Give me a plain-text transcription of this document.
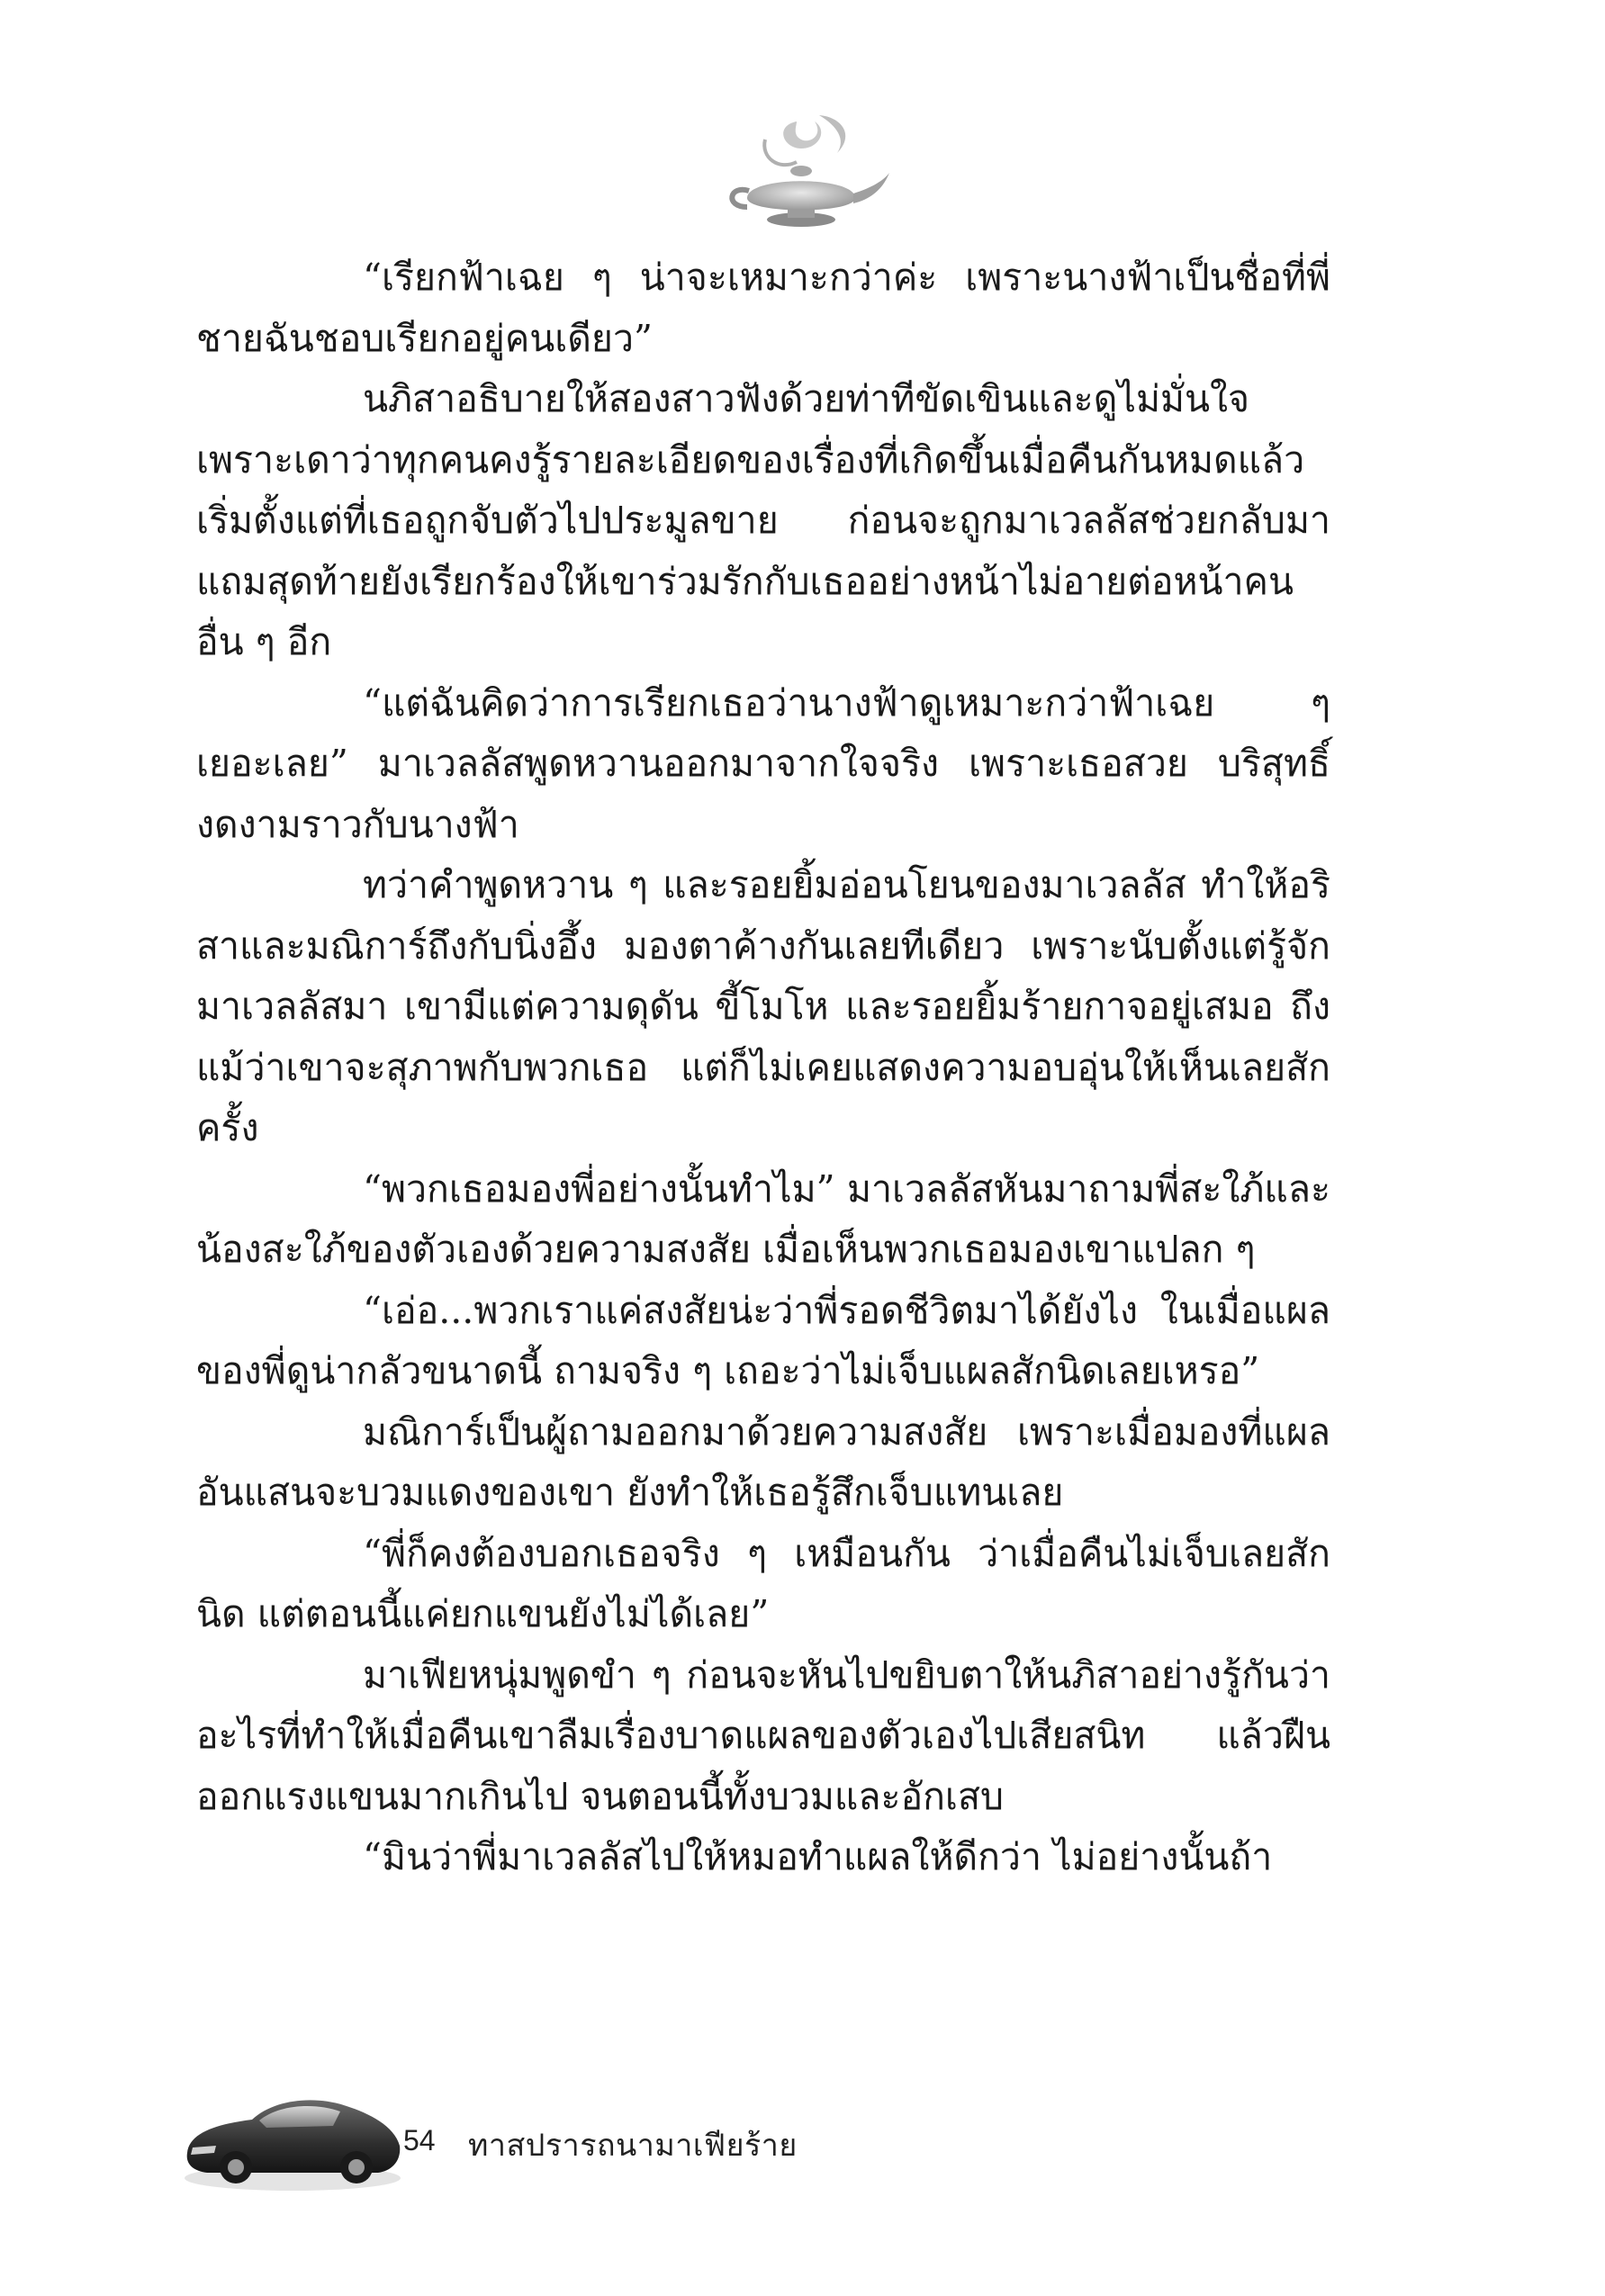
“เรียกฟ้าเฉย ๆ น่าจะเหมาะกว่าค่ะ เพราะนางฟ้าเป็นชื่อที่พี่ชายฉันชอบเรียกอยู่คนเดียว”

นภิสาอธิบายให้สองสาวฟังด้วยท่าทีขัดเขินและดูไม่มั่นใจ เพราะเดาว่าทุกคนคงรู้รายละเอียดของเรื่องที่เกิดขึ้นเมื่อคืนกันหมดแล้ว เริ่มตั้งแต่ที่เธอถูกจับตัวไปประมูลขาย ก่อนจะถูกมาเวลลัสช่วยกลับมา แถมสุดท้ายยังเรียกร้องให้เขาร่วมรักกับเธออย่างหน้าไม่อายต่อหน้าคนอื่น ๆ อีก

“แต่ฉันคิดว่าการเรียกเธอว่านางฟ้าดูเหมาะกว่าฟ้าเฉย ๆ เยอะเลย” มาเวลลัสพูดหวานออกมาจากใจจริง เพราะเธอสวย บริสุทธิ์งดงามราวกับนางฟ้า

ทว่าคำพูดหวาน ๆ และรอยยิ้มอ่อนโยนของมาเวลลัส ทำให้อริสาและมณิการ์ถึงกับนิ่งอึ้ง มองตาค้างกันเลยทีเดียว เพราะนับตั้งแต่รู้จักมาเวลลัสมา เขามีแต่ความดุดัน ขี้โมโห และรอยยิ้มร้ายกาจอยู่เสมอ ถึงแม้ว่าเขาจะสุภาพกับพวกเธอ แต่ก็ไม่เคยแสดงความอบอุ่นให้เห็นเลยสักครั้ง

“พวกเธอมองพี่อย่างนั้นทำไม” มาเวลลัสหันมาถามพี่สะใภ้และน้องสะใภ้ของตัวเองด้วยความสงสัย เมื่อเห็นพวกเธอมองเขาแปลก ๆ

“เอ่อ...พวกเราแค่สงสัยน่ะว่าพี่รอดชีวิตมาได้ยังไง ในเมื่อแผลของพี่ดูน่ากลัวขนาดนี้ ถามจริง ๆ เถอะว่าไม่เจ็บแผลสักนิดเลยเหรอ”

มณิการ์เป็นผู้ถามออกมาด้วยความสงสัย เพราะเมื่อมองที่แผลอันแสนจะบวมแดงของเขา ยังทำให้เธอรู้สึกเจ็บแทนเลย

“พี่ก็คงต้องบอกเธอจริง ๆ เหมือนกัน ว่าเมื่อคืนไม่เจ็บเลยสักนิด แต่ตอนนี้แค่ยกแขนยังไม่ได้เลย”

มาเฟียหนุ่มพูดขำ ๆ ก่อนจะหันไปขยิบตาให้นภิสาอย่างรู้กันว่าอะไรที่ทำให้เมื่อคืนเขาลืมเรื่องบาดแผลของตัวเองไปเสียสนิท แล้วฝืนออกแรงแขนมากเกินไป จนตอนนี้ทั้งบวมและอักเสบ

“มินว่าพี่มาเวลลัสไปให้หมอทำแผลให้ดีกว่า ไม่อย่างนั้นถ้า

54 ทาสปรารถนามาเฟียร้าย
